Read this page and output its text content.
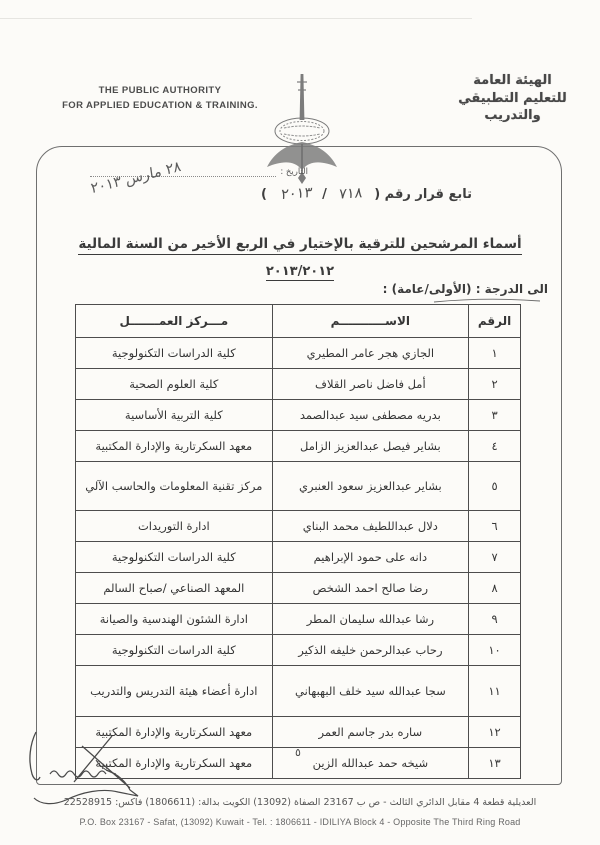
THE PUBLIC AUTHORITY
FOR APPLIED EDUCATION & TRAINING.
الهيئة العامة
للتعليم التطبيقي والتدريب
التاريخ :
٢٨ مارس ٢٠١٣
تابع قرار رقم (٧١٨/٢٠١٣)
أسماء المرشحين للترقية بالإختيار في الربع الأخير من السنة المالية
٢٠١٣/٢٠١٢
الى الدرجة : (الأولى/عامة) :
الرقم	الاســـــــــــم	مـــركز العمـــــــل
١	الجازي هجر عامر المطيري	كلية الدراسات التكنولوجية
٢	أمل فاضل ناصر القلاف	كلية العلوم الصحية
٣	بدريه مصطفى سيد عبدالصمد	كلية التربية الأساسية
٤	بشاير فيصل عبدالعزيز الزامل	معهد السكرتارية والإدارة المكتبية
٥	بشاير عبدالعزيز سعود العنبري	مركز تقنية المعلومات والحاسب الآلي
٦	دلال عبداللطيف محمد البناي	ادارة التوريدات
٧	دانه على حمود الإبراهيم	كلية الدراسات التكنولوجية
٨	رضا صالح احمد الشخص	المعهد الصناعي /صباح السالم
٩	رشا عبدالله سليمان المطر	ادارة الشئون الهندسية والصيانة
١٠	رحاب عبدالرحمن خليفه الذكير	كلية الدراسات التكنولوجية
١١	سجا عبدالله سيد خلف البهبهاني	ادارة أعضاء هيئة التدريس والتدريب
١٢	ساره بدر جاسم العمر	معهد السكرتارية والإدارة المكتبية
١٣	شيخه حمد عبدالله الزين	معهد السكرتارية والإدارة المكتبية
٥
العديلية قطعة 4 مقابل الدائري الثالث - ص ب 23167 الصفاة (13092) الكويت بدالة: (1806611) فاكس: 22528915
P.O. Box 23167 - Safat, (13092) Kuwait - Tel. : 1806611 - IDILIYA Block 4 - Opposite The Third Ring Road
